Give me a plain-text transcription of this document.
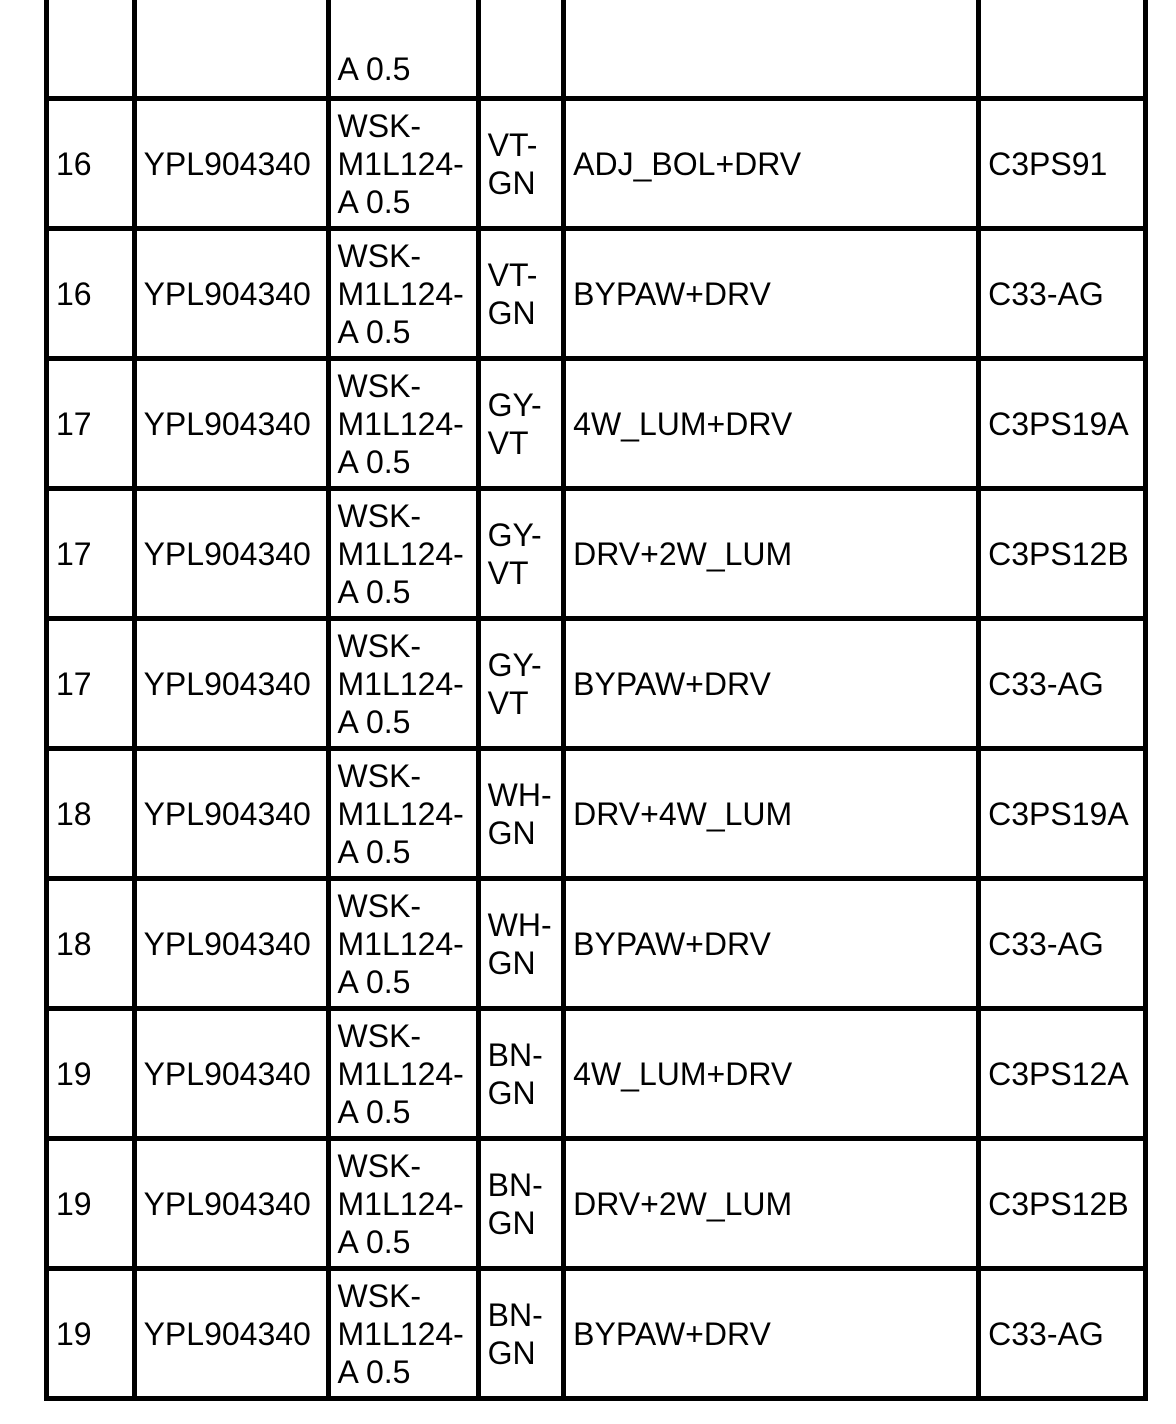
		A 0.5			

16	YPL904340	WSK-
M1L124-
A 0.5	VT-
GN	ADJ_BOL+DRV	C3PS91
16	YPL904340	WSK-
M1L124-
A 0.5	VT-
GN	BYPAW+DRV	C33-AG
17	YPL904340	WSK-
M1L124-
A 0.5	GY-
VT	4W_LUM+DRV	C3PS19A
17	YPL904340	WSK-
M1L124-
A 0.5	GY-
VT	DRV+2W_LUM	C3PS12B
17	YPL904340	WSK-
M1L124-
A 0.5	GY-
VT	BYPAW+DRV	C33-AG
18	YPL904340	WSK-
M1L124-
A 0.5	WH-
GN	DRV+4W_LUM	C3PS19A
18	YPL904340	WSK-
M1L124-
A 0.5	WH-
GN	BYPAW+DRV	C33-AG
19	YPL904340	WSK-
M1L124-
A 0.5	BN-
GN	4W_LUM+DRV	C3PS12A
19	YPL904340	WSK-
M1L124-
A 0.5	BN-
GN	DRV+2W_LUM	C3PS12B
19	YPL904340	WSK-
M1L124-
A 0.5	BN-
GN	BYPAW+DRV	C33-AG
